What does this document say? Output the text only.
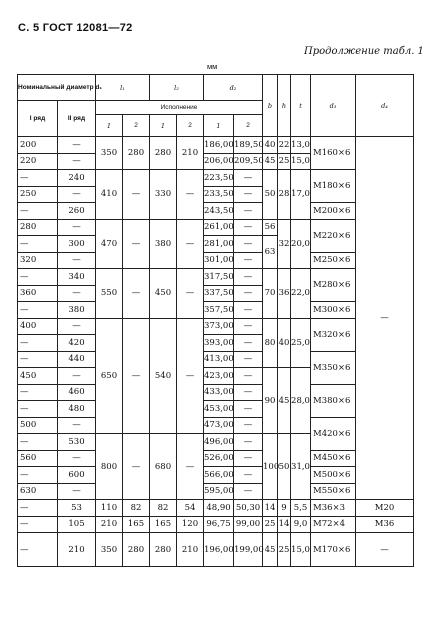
С. 5 ГОСТ 12081—72
Продолжение табл. 1
мм
Номинальный диаметр d₁		l₁		l₂		d₂		b	h	t	d₃	d₄
I ряд	II ряд	Исполнение										
		1	2	1	2	1	2					
200	—	350	280	280	210	186,00	189,50	40	22	13,0	M160×6	—
220	—					206,00	209,50	45	25	15,0		
—	240	410	—	330	—	223,50	—	50	28	17,0	M180×6	
250	—					233,50	—					
—	260					243,50	—				M200×6	
280	—	470	—	380	—	261,00	—	56	32	20,0	M220×6	
—	300					281,00	—	63				
320	—					301,00	—				M250×6	
—	340	550	—	450	—	317,50	—	70	36	22,0	M280×6	
360	—					337,50	—					
—	380					357,50	—				M300×6	
400	—	650	—	540	—	373,00	—	80	40	25,0	M320×6	
—	420					393,00	—					
—	440					413,00	—				M350×6	
450	—					423,00	—	90	45	28,0		
—	460					433,00	—				M380×6	
—	480					453,00	—					
500	—					473,00	—				M420×6	
—	530	800	—	680	—	496,00	—	100	50	31,0		
560	—					526,00	—				M450×6	
—	600					566,00	—				M500×6	
630	—					595,00	—				M550×6	
—	53	110	82	82	54	48,90	50,30	14	9	5,5	M36×3	M20
—	105	210	165	165	120	96,75	99,00	25	14	9,0	M72×4	M36
—	210	350	280	280	210	196,00	199,00	45	25	15,0	M170×6	—
